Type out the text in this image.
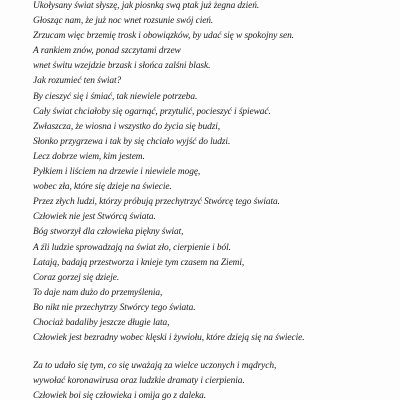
Ukołysany świat słyszę, jak piosnką swą ptak już żegna dzień.
Głosząc nam, że już noc wnet rozsunie swój cień.
Zrzucam więc brzemię trosk i obowiązków, by udać się w spokojny sen.
A rankiem znów, ponad szczytami drzew
wnet świtu wzejdzie brzask i słońca zalśni blask.
Jak rozumieć ten świat?
By cieszyć się i śmiać, tak niewiele potrzeba.
Cały świat chciałoby się ogarnąć, przytulić, pocieszyć i śpiewać.
Zwłaszcza, że wiosna i wszystko do życia się budzi,
Słonko przygrzewa i tak by się chciało wyjść do ludzi.
Lecz dobrze wiem, kim jestem.
Pyłkiem i liściem na drzewie i niewiele mogę,
wobec zła, które się dzieje na świecie.
Przez złych ludzi, którzy próbują przechytrzyć Stwórcę tego świata.
Człowiek nie jest Stwórcą świata.
Bóg stworzył dla człowieka piękny świat,
A źli ludzie sprowadzają na świat zło, cierpienie i ból.
Latają, badają przestworza i knieje tym czasem na Ziemi,
Coraz gorzej się dzieje.
To daje nam dużo do przemyślenia,
Bo nikt nie przechytrzy Stwórcy tego świata.
Chociaż badaliby jeszcze długie lata,
Człowiek jest bezradny wobec klęski i żywiołu, które dzieją się na świecie.
Za to udało się tym, co się uważają za wielce uczonych i mądrych,
wywołać koronawirusa oraz ludzkie dramaty i cierpienia.
Człowiek boi się człowieka i omija go z daleka.
